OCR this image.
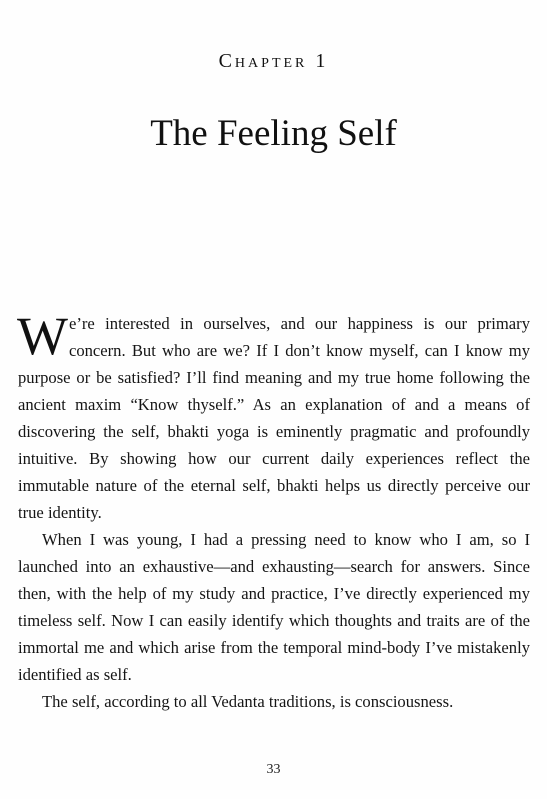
Chapter 1
The Feeling Self

We’re interested in ourselves, and our happiness is our primary concern. But who are we? If I don’t know myself, can I know my purpose or be satisfied? I’ll find meaning and my true home following the ancient maxim “Know thyself.” As an explanation of and a means of discovering the self, bhakti yoga is eminently pragmatic and profoundly intuitive. By showing how our current daily experiences reflect the immutable nature of the eternal self, bhakti helps us directly perceive our true identity.

When I was young, I had a pressing need to know who I am, so I launched into an exhaustive—and exhausting—search for answers. Since then, with the help of my study and practice, I’ve directly experienced my timeless self. Now I can easily identify which thoughts and traits are of the immortal me and which arise from the temporal mind-body I’ve mistakenly identified as self.

The self, according to all Vedanta traditions, is consciousness.

33
